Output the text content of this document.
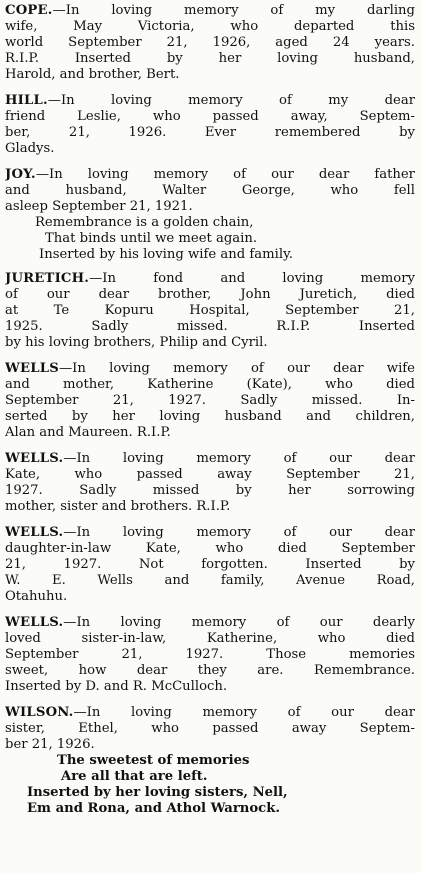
COPE.—In loving memory of my darling
wife, May Victoria, who departed this
world September 21, 1926, aged 24 years.
R.I.P. Inserted by her loving husband,
Harold, and brother, Bert.
HILL.—In loving memory of my dear
friend Leslie, who passed away, Septem-
ber, 21, 1926. Ever remembered by
Gladys.
JOY.—In loving memory of our dear father
and husband, Walter George, who fell
asleep September 21, 1921.
Remembrance is a golden chain,
That binds until we meet again.
Inserted by his loving wife and family.
JURETICH.—In fond and loving memory
of our dear brother, John Juretich, died
at Te Kopuru Hospital, September 21,
1925. Sadly missed. R.I.P. Inserted
by his loving brothers, Philip and Cyril.
WELLS—In loving memory of our dear wife
and mother, Katherine (Kate), who died
September 21, 1927. Sadly missed. In-
serted by her loving husband and children,
Alan and Maureen. R.I.P.
WELLS.—In loving memory of our dear
Kate, who passed away September 21,
1927. Sadly missed by her sorrowing
mother, sister and brothers. R.I.P.
WELLS.—In loving memory of our dear
daughter-in-law Kate, who died September
21, 1927. Not forgotten. Inserted by
W. E. Wells and family, Avenue Road,
Otahuhu.
WELLS.—In loving memory of our dearly
loved sister-in-law, Katherine, who died
September 21, 1927. Those memories
sweet, how dear they are. Remembrance.
Inserted by D. and R. McCulloch.
WILSON.—In loving memory of our dear
sister, Ethel, who passed away Septem-
ber 21, 1926.
The sweetest of memories
Are all that are left.
Inserted by her loving sisters, Nell,
Em and Rona, and Athol Warnock.
